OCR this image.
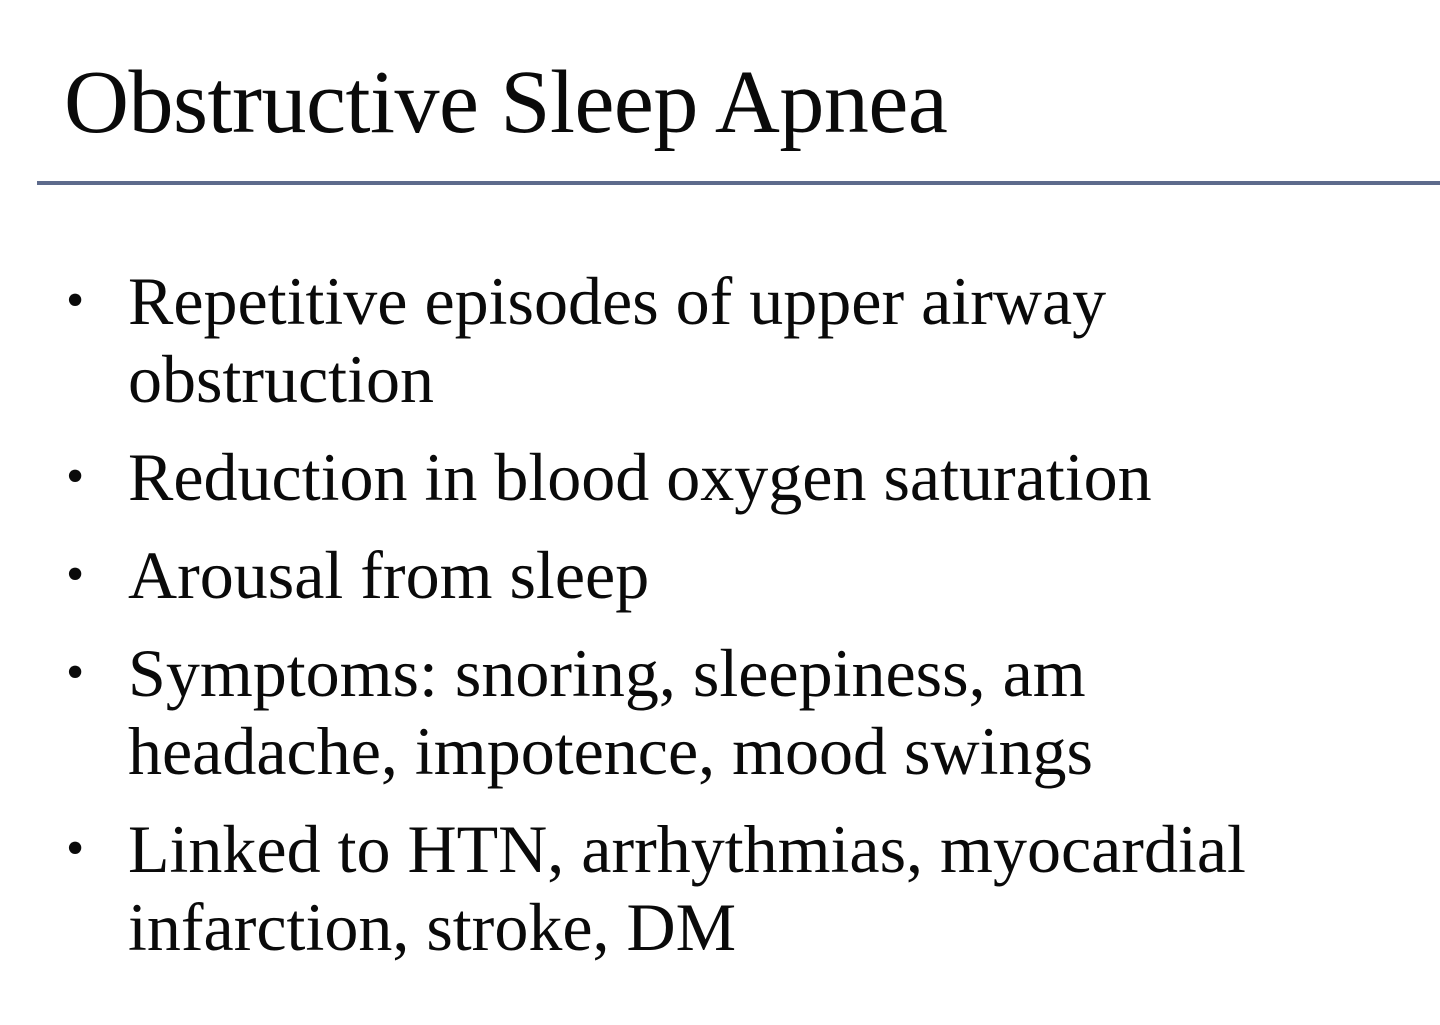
Obstructive Sleep Apnea
• Repetitive episodes of upper airway
obstruction
• Reduction in blood oxygen saturation
• Arousal from sleep
• Symptoms: snoring, sleepiness, am
headache, impotence, mood swings
• Linked to HTN, arrhythmias, myocardial
infarction, stroke, DM
